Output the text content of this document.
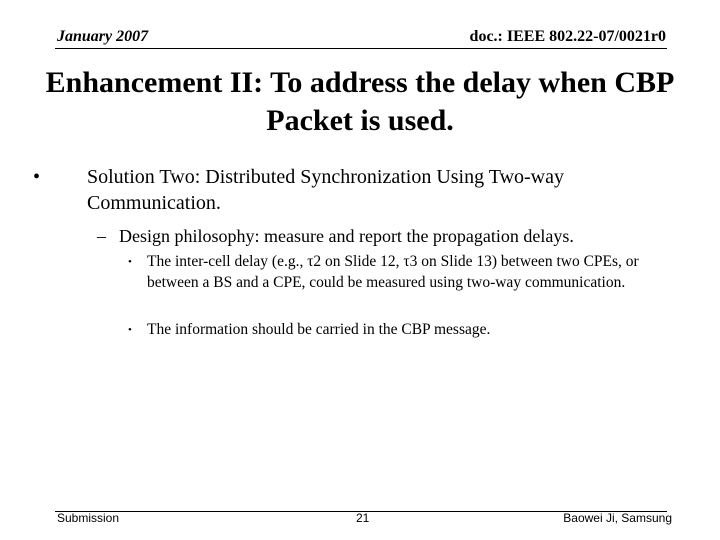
January 2007	doc.: IEEE 802.22-07/0021r0
Enhancement II: To address the delay when CBP Packet is used.
•	Solution Two: Distributed Synchronization Using Two-way Communication.
– Design philosophy: measure and report the propagation delays.
• The inter-cell delay (e.g., τ2 on Slide 12, τ3 on Slide 13) between two CPEs, or between a BS and a CPE, could be measured using two-way communication.
• The information should be carried in the CBP message.
Submission	21	Baowei Ji, Samsung
